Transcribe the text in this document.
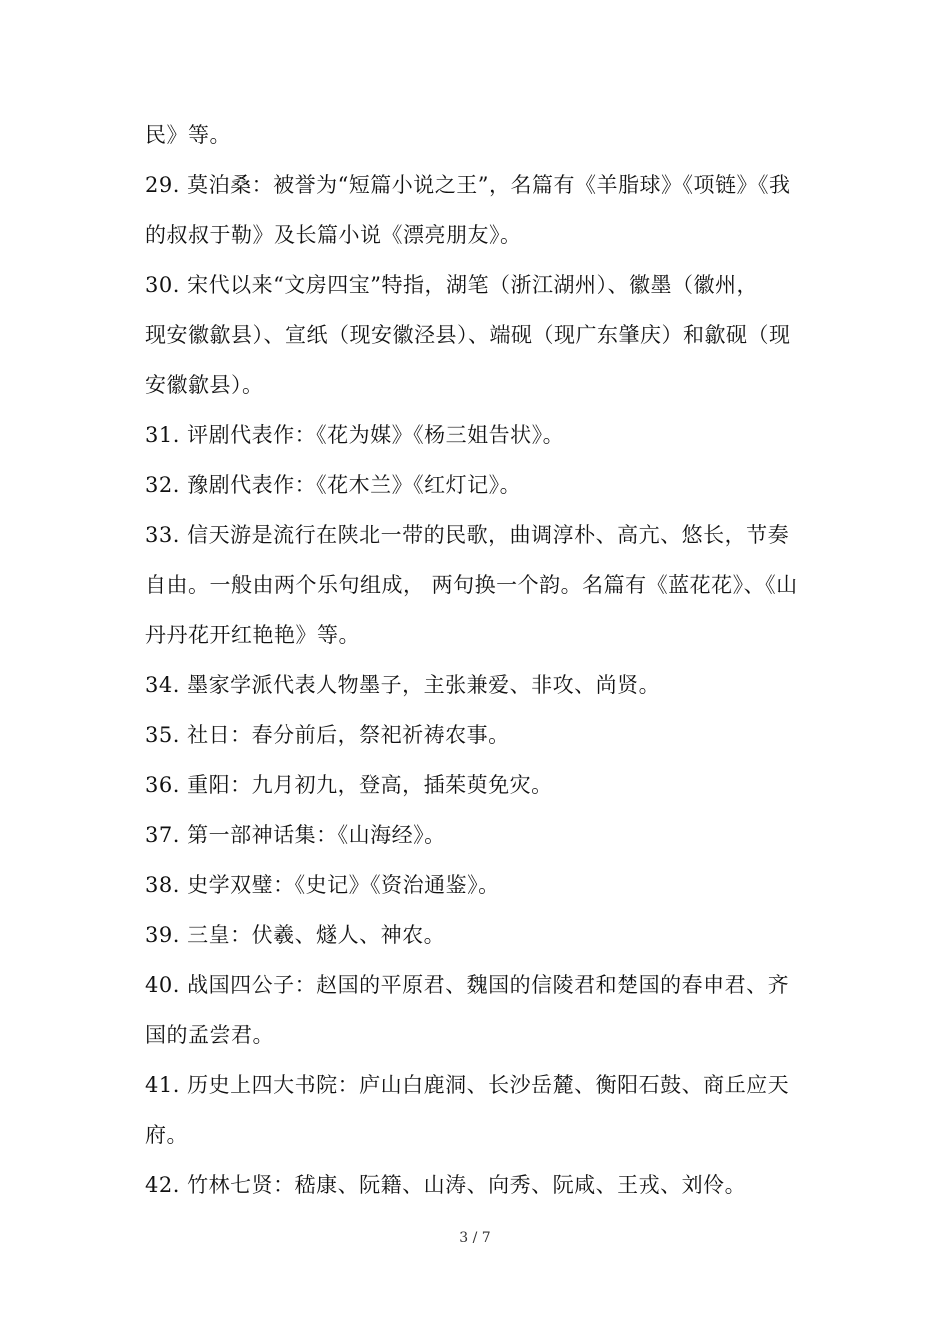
民》等。
29. 莫泊桑：被誉为“短篇小说之王”，名篇有《羊脂球》《项链》《我
的叔叔于勒》及长篇小说《漂亮朋友》。
30. 宋代以来“文房四宝”特指，湖笔（浙江湖州）、徽墨（徽州，
现安徽歙县）、宣纸（现安徽泾县）、端砚（现广东肇庆）和歙砚（现
安徽歙县）。
31. 评剧代表作：《花为媒》《杨三姐告状》。
32. 豫剧代表作：《花木兰》《红灯记》。
33. 信天游是流行在陕北一带的民歌，曲调淳朴、高亢、悠长，节奏
自由。一般由两个乐句组成， 两句换一个韵。名篇有《蓝花花》、《山
丹丹花开红艳艳》等。
34. 墨家学派代表人物墨子，主张兼爱、非攻、尚贤。
35. 社日：春分前后，祭祀祈祷农事。
36. 重阳：九月初九，登高，插茱萸免灾。
37. 第一部神话集：《山海经》。
38. 史学双璧：《史记》《资治通鉴》。
39. 三皇：伏羲、燧人、神农。
40. 战国四公子：赵国的平原君、魏国的信陵君和楚国的春申君、齐
国的孟尝君。
41. 历史上四大书院：庐山白鹿洞、长沙岳麓、衡阳石鼓、商丘应天
府。
42. 竹林七贤：嵇康、阮籍、山涛、向秀、阮咸、王戎、刘伶。
3 / 7
